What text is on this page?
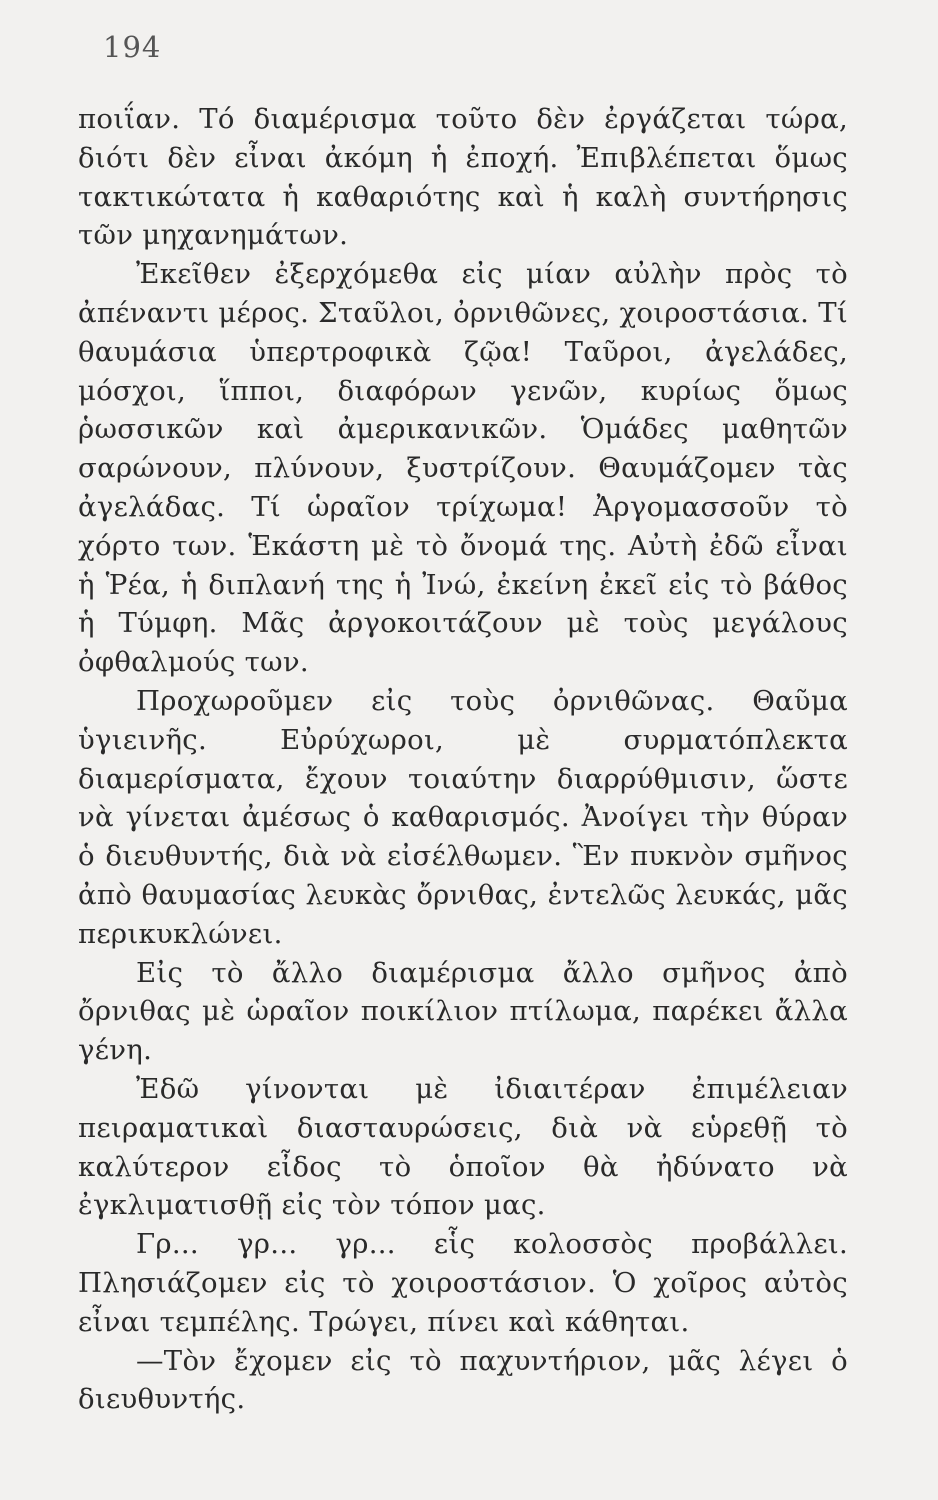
194

ποιΐαν. Τό διαμέρισμα τοῦτο δὲν ἐργάζεται τώρα, διότι δὲν εἶναι ἀκόμη ἡ ἐποχή. Ἐπιβλέπεται ὅμως τακτικώτατα ἡ καθαριότης καὶ ἡ καλὴ συντήρησις τῶν μηχανημάτων.

Ἐκεῖθεν ἐξερχόμεθα εἰς μίαν αὐλὴν πρὸς τὸ ἀπέναντι μέρος. Σταῦλοι, ὀρνιθῶνες, χοιροστάσια. Τί θαυμάσια ὑπερτροφικὰ ζῷα! Ταῦροι, ἀγελάδες, μόσχοι, ἵπποι, διαφόρων γενῶν, κυρίως ὅμως ῥωσσικῶν καὶ ἀμερικανικῶν. Ὁμάδες μαθητῶν σαρώνουν, πλύνουν, ξυστρίζουν. Θαυμάζομεν τὰς ἀγελάδας. Τί ὡραῖον τρίχωμα! Ἀργομασσοῦν τὸ χόρτο των. Ἑκάστη μὲ τὸ ὄνομά της. Αὐτὴ ἐδῶ εἶναι ἡ Ῥέα, ἡ διπλανή της ἡ Ἰνώ, ἐκείνη ἐκεῖ εἰς τὸ βάθος ἡ Τύμφη. Μᾶς ἀργοκοιτάζουν μὲ τοὺς μεγάλους ὀφθαλμούς των.

Προχωροῦμεν εἰς τοὺς ὀρνιθῶνας. Θαῦμα ὑγιεινῆς. Εὐρύχωροι, μὲ συρματόπλεκτα διαμερίσματα, ἔχουν τοιαύτην διαρρύθμισιν, ὥστε νὰ γίνεται ἀμέσως ὁ καθαρισμός. Ἀνοίγει τὴν θύραν ὁ διευθυντής, διὰ νὰ εἰσέλθωμεν. Ἓν πυκνὸν σμῆνος ἀπὸ θαυμασίας λευκὰς ὄρνιθας, ἐντελῶς λευκάς, μᾶς περικυκλώνει.

Εἰς τὸ ἄλλο διαμέρισμα ἄλλο σμῆνος ἀπὸ ὄρνιθας μὲ ὡραῖον ποικίλιον πτίλωμα, παρέκει ἄλλα γένη.

Ἐδῶ γίνονται μὲ ἰδιαιτέραν ἐπιμέλειαν πειραματικαὶ διασταυρώσεις, διὰ νὰ εὑρεθῇ τὸ καλύτερον εἶδος τὸ ὁποῖον θὰ ἠδύνατο νὰ ἐγκλιματισθῇ εἰς τὸν τόπον μας.

Γρ... γρ... γρ... εἷς κολοσσὸς προβάλλει. Πλησιάζομεν εἰς τὸ χοιροστάσιον. Ὁ χοῖρος αὐτὸς εἶναι τεμπέλης. Τρώγει, πίνει καὶ κάθηται.

—Τὸν ἔχομεν εἰς τὸ παχυντήριον, μᾶς λέγει ὁ διευθυντής.
